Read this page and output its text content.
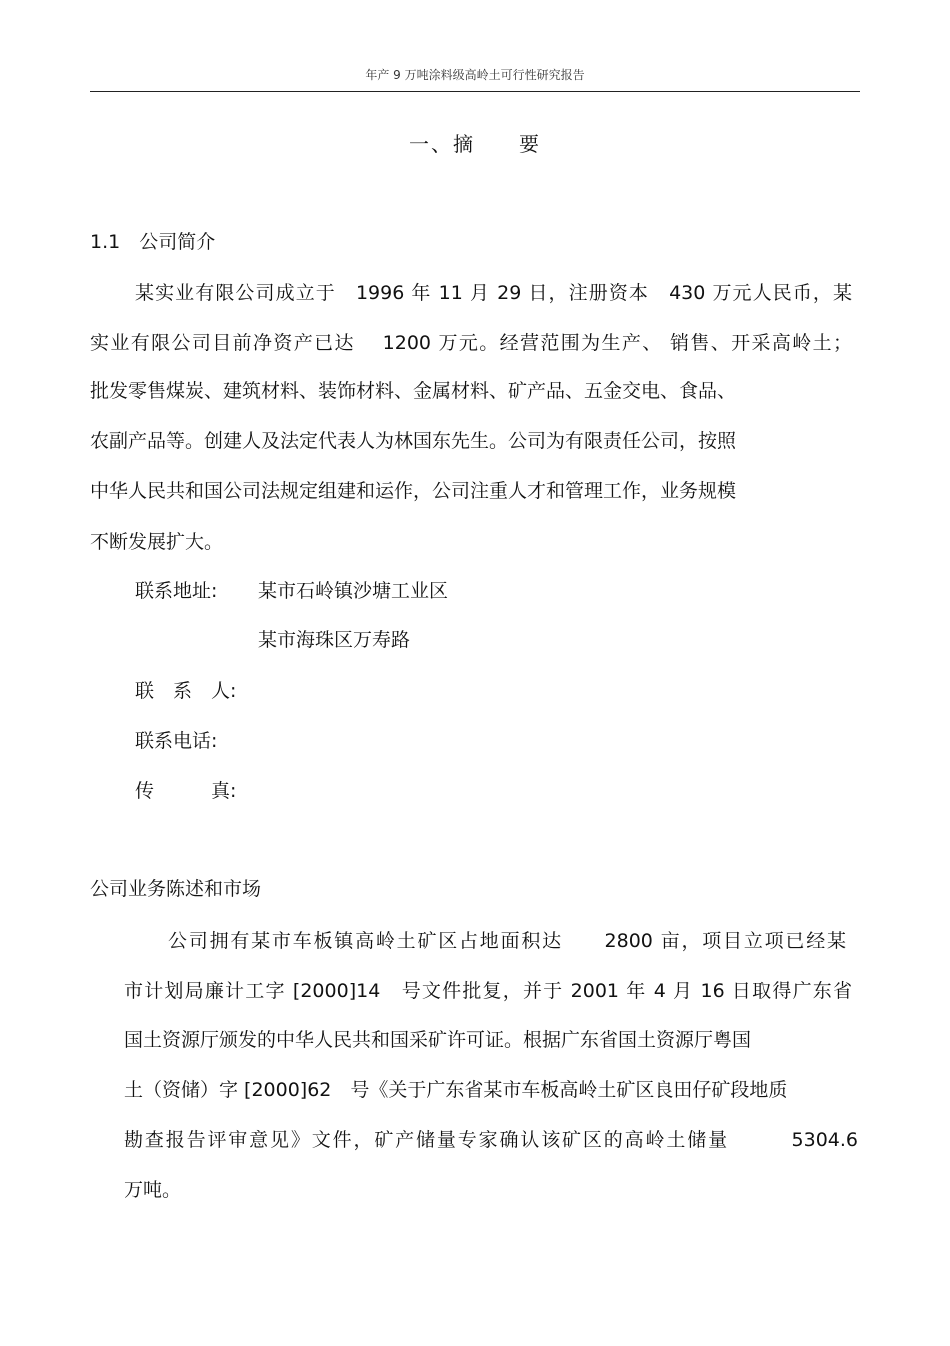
年产 9 万吨涂料级高岭土可行性研究报告
一、摘　　要
1.1　公司简介
某实业有限公司成立于　1996 年 11 月 29 日，注册资本　430 万元人民币，某
实业有限公司目前净资产已达　 1200 万元。经营范围为生产、 销售、开采高岭土；
批发零售煤炭、建筑材料、装饰材料、金属材料、矿产品、五金交电、食品、
农副产品等。创建人及法定代表人为林国东先生。公司为有限责任公司，按照
中华人民共和国公司法规定组建和运作，公司注重人才和管理工作，业务规模
不断发展扩大。
联系地址: 某市石岭镇沙塘工业区
某市海珠区万寿路
联　系　人:
联系电话:
传　　　真:
公司业务陈述和市场
公司拥有某市车板镇高岭土矿区占地面积达　　2800 亩，项目立项已经某
市计划局廉计工字 [2000]14　号文件批复，并于 2001 年 4 月 16 日取得广东省
国土资源厅颁发的中华人民共和国采矿许可证。根据广东省国土资源厅粤国
土（资储）字 [2000]62　号《关于广东省某市车板高岭土矿区良田仔矿段地质
勘查报告评审意见》文件，矿产储量专家确认该矿区的高岭土储量　　　5304.6
万吨。
